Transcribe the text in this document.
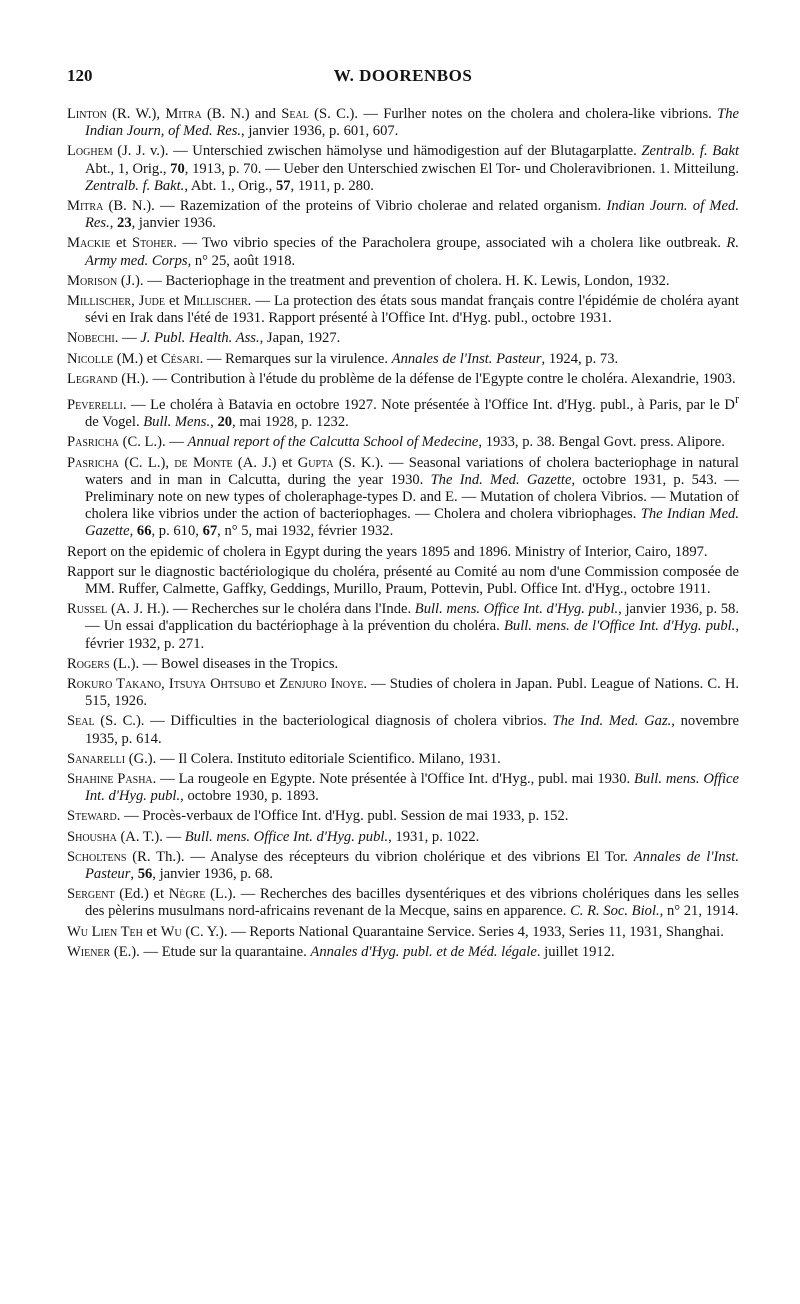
120	W. DOORENBOS

Linton (R. W.), Mitra (B. N.) and Seal (S. C.). — Furlher notes on the cholera and cholera-like vibrions. The Indian Journ, of Med. Res., janvier 1936, p. 601, 607.

Loghem (J. J. v.). — Unterschied zwischen hämolyse und hämodigestion auf der Blutagarplatte. Zentralb. f. Bakt Abt., 1, Orig., 70, 1913, p. 70. — Ueber den Unterschied zwischen El Tor- und Choleravibrionen. 1. Mitteilung. Zentralb. f. Bakt., Abt. 1., Orig., 57, 1911, p. 280.

Mitra (B. N.). — Razemization of the proteins of Vibrio cholerae and related organism. Indian Journ. of Med. Res., 23, janvier 1936.

Mackie et Stoher. — Two vibrio species of the Paracholera groupe, associated wih a cholera like outbreak. R. Army med. Corps, n° 25, août 1918.

Morison (J.). — Bacteriophage in the treatment and prevention of cholera. H. K. Lewis, London, 1932.

Millischer, Jude et Millischer. — La protection des états sous mandat français contre l'épidémie de choléra ayant sévi en Irak dans l'été de 1931. Rapport présenté à l'Office Int. d'Hyg. publ., octobre 1931.

Nobechi. — J. Publ. Health. Ass., Japan, 1927.

Nicolle (M.) et Césari. — Remarques sur la virulence. Annales de l'Inst. Pasteur, 1924, p. 73.

Legrand (H.). — Contribution à l'étude du problème de la défense de l'Egypte contre le choléra. Alexandrie, 1903.

Peverelli. — Le choléra à Batavia en octobre 1927. Note présentée à l'Office Int. d'Hyg. publ., à Paris, par le $D^r$ de Vogel. Bull. Mens., 20, mai 1928, p. 1232.

Pasricha (C. L.). — Annual report of the Calcutta School of Medecine, 1933, p. 38. Bengal Govt. press. Alipore.

Pasricha (C. L.), de Monte (A. J.) et Gupta (S. K.). — Seasonal variations of cholera bacteriophage in natural waters and in man in Calcutta, during the year 1930. The Ind. Med. Gazette, octobre 1931, p. 543. — Preliminary note on new types of choleraphage-types D. and E. — Mutation of cholera Vibrios. — Mutation of cholera like vibrios under the action of bacteriophages. — Cholera and cholera vibriophages. The Indian Med. Gazette, 66, p. 610, 67, n° 5, mai 1932, février 1932.

Report on the epidemic of cholera in Egypt during the years 1895 and 1896. Ministry of Interior, Cairo, 1897.

Rapport sur le diagnostic bactériologique du choléra, présenté au Comité au nom d'une Commission composée de MM. Ruffer, Calmette, Gaffky, Geddings, Murillo, Praum, Pottevin, Publ. Office Int. d'Hyg., octobre 1911.

Russel (A. J. H.). — Recherches sur le choléra dans l'Inde. Bull. mens. Office Int. d'Hyg. publ., janvier 1936, p. 58. — Un essai d'application du bactériophage à la prévention du choléra. Bull. mens. de l'Office Int. d'Hyg. publ., février 1932, p. 271.

Rogers (L.). — Bowel diseases in the Tropics.

Rokuro Takano, Itsuya Ohtsubo et Zenjuro Inoye. — Studies of cholera in Japan. Publ. League of Nations. C. H. 515, 1926.

Seal (S. C.). — Difficulties in the bacteriological diagnosis of cholera vibrios. The Ind. Med. Gaz., novembre 1935, p. 614.

Sanarelli (G.). — Il Colera. Instituto editoriale Scientifico. Milano, 1931.

Shahine Pasha. — La rougeole en Egypte. Note présentée à l'Office Int. d'Hyg., publ. mai 1930. Bull. mens. Office Int. d'Hyg. publ., octobre 1930, p. 1893.

Steward. — Procès-verbaux de l'Office Int. d'Hyg. publ. Session de mai 1933, p. 152.

Shousha (A. T.). — Bull. mens. Office Int. d'Hyg. publ., 1931, p. 1022.

Scholtens (R. Th.). — Analyse des récepteurs du vibrion cholérique et des vibrions El Tor. Annales de l'Inst. Pasteur, 56, janvier 1936, p. 68.

Sergent (Ed.) et Nègre (L.). — Recherches des bacilles dysentériques et des vibrions cholériques dans les selles des pèlerins musulmans nord-africains revenant de la Mecque, sains en apparence. C. R. Soc. Biol., n° 21, 1914.

Wu Lien Teh et Wu (C. Y.). — Reports National Quarantaine Service. Series 4, 1933, Series 11, 1931, Shanghai.

Wiener (E.). — Etude sur la quarantaine. Annales d'Hyg. publ. et de Méd. légale. juillet 1912.
